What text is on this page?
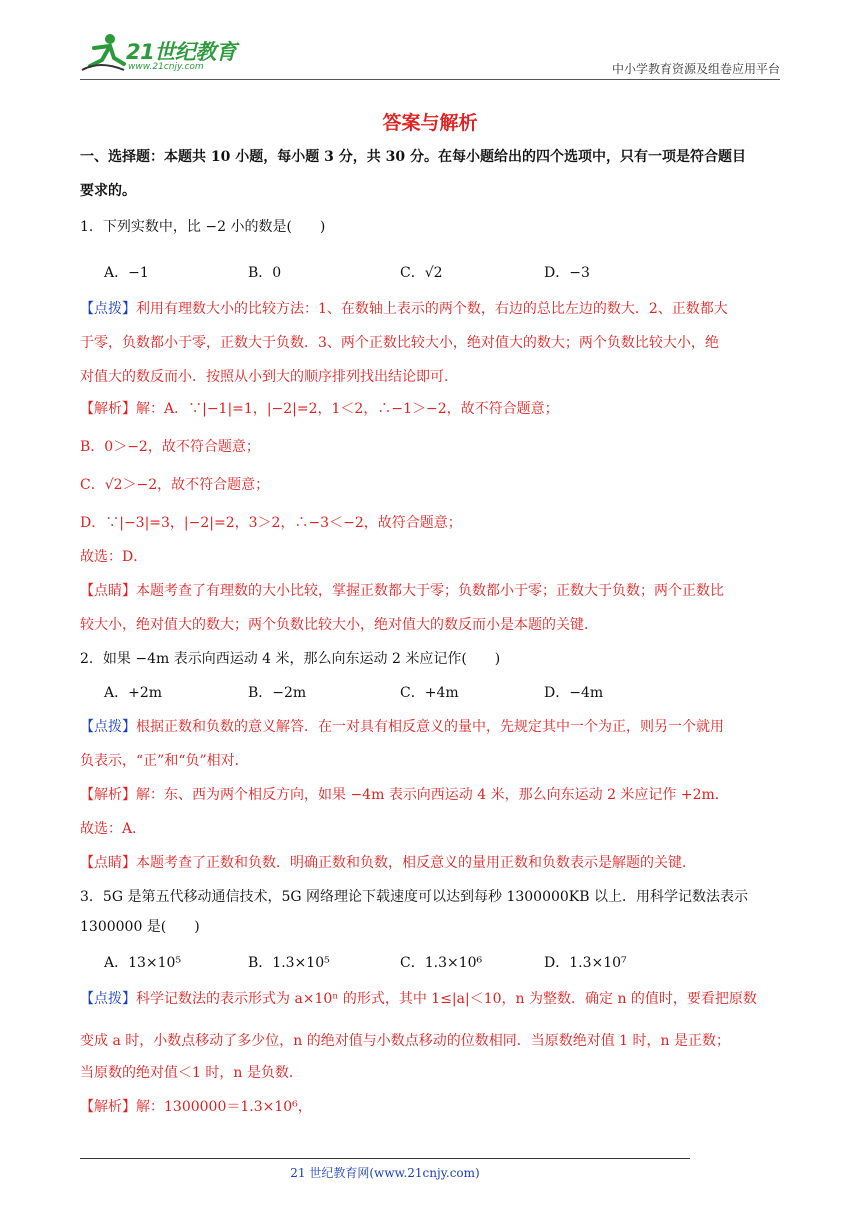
21世纪教育
www.21cnjy.com	中小学教育资源及组卷应用平台
答案与解析
一、选择题：本题共 10 小题，每小题 3 分，共 30 分。在每小题给出的四个选项中，只有一项是符合题目
要求的。
1．下列实数中，比 −2 小的数是(　　)
A．−1	B．0	C．√2	D．−3
【点拨】利用有理数大小的比较方法：1、在数轴上表示的两个数，右边的总比左边的数大．2、正数都大
于零，负数都小于零，正数大于负数．3、两个正数比较大小，绝对值大的数大；两个负数比较大小，绝
对值大的数反而小．按照从小到大的顺序排列找出结论即可．
【解析】解：A．∵|−1|=1，|−2|=2，1＜2，∴−1＞−2，故不符合题意；
B．0＞−2，故不符合题意；
C．√2＞−2，故不符合题意；
D．∵|−3|=3，|−2|=2，3＞2，∴−3＜−2，故符合题意；
故选：D．
【点睛】本题考查了有理数的大小比较，掌握正数都大于零；负数都小于零；正数大于负数；两个正数比
较大小，绝对值大的数大；两个负数比较大小，绝对值大的数反而小是本题的关键．
2．如果 −4m 表示向西运动 4 米，那么向东运动 2 米应记作(　　)
A．+2m	B．−2m	C．+4m	D．−4m
【点拨】根据正数和负数的意义解答．在一对具有相反意义的量中，先规定其中一个为正，则另一个就用
负表示，“正”和“负”相对．
【解析】解：东、西为两个相反方向，如果 −4m 表示向西运动 4 米，那么向东运动 2 米应记作 +2m．
故选：A．
【点睛】本题考查了正数和负数．明确正数和负数，相反意义的量用正数和负数表示是解题的关键．
3．5G 是第五代移动通信技术，5G 网络理论下载速度可以达到每秒 1300000KB 以上．用科学记数法表示
1300000 是(　　)
A．13×10⁵	B．1.3×10⁵	C．1.3×10⁶	D．1.3×10⁷
【点拨】科学记数法的表示形式为 a×10ⁿ 的形式，其中 1≤|a|＜10，n 为整数．确定 n 的值时，要看把原数
变成 a 时，小数点移动了多少位，n 的绝对值与小数点移动的位数相同．当原数绝对值 1 时，n 是正数；
当原数的绝对值＜1 时，n 是负数．
【解析】解：1300000＝1.3×10⁶，
21 世纪教育网(www.21cnjy.com)
